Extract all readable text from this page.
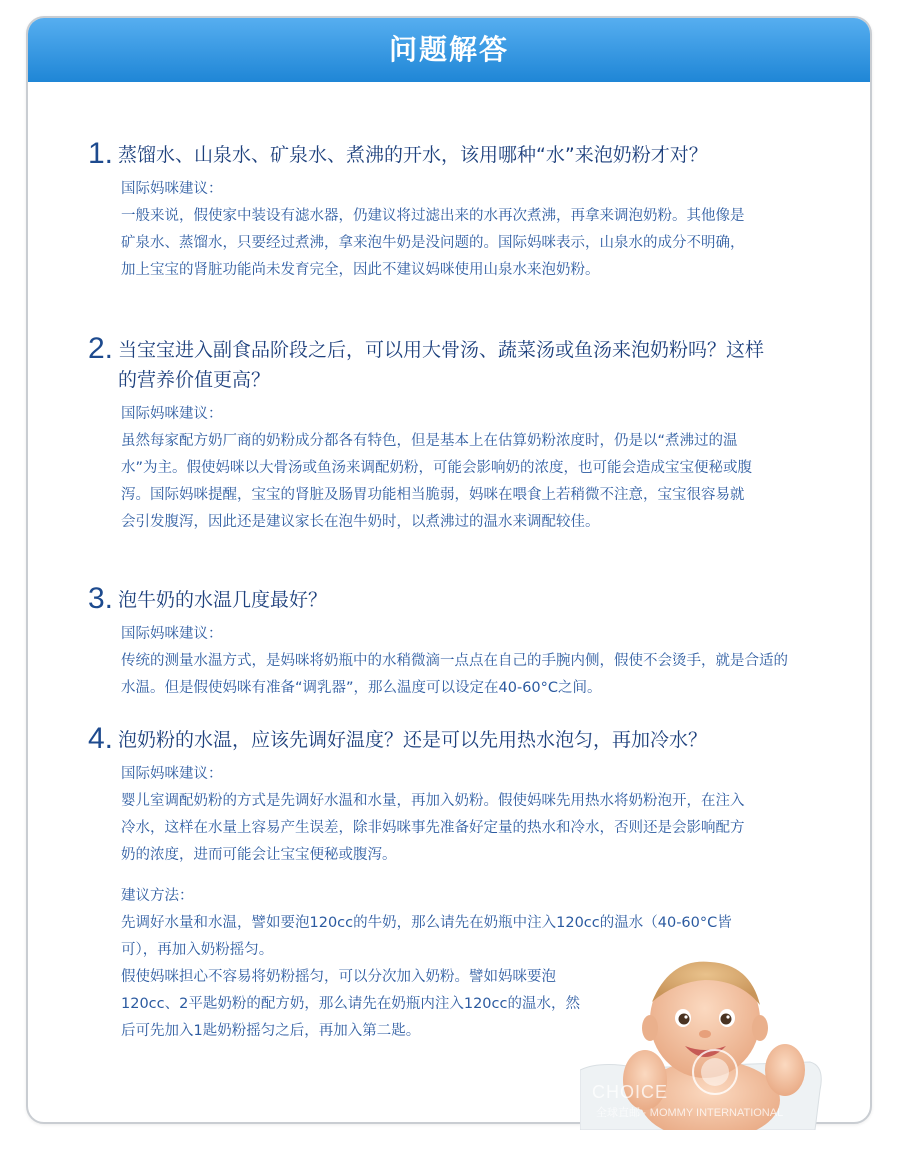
问题解答
1. 蒸馏水、山泉水、矿泉水、煮沸的开水，该用哪种“水”来泡奶粉才对？

国际妈咪建议：

一般来说，假使家中装设有滤水器，仍建议将过滤出来的水再次煮沸，再拿来调泡奶粉。其他像是矿泉水、蒸馏水，只要经过煮沸，拿来泡牛奶是没问题的。国际妈咪表示，山泉水的成分不明确，加上宝宝的肾脏功能尚未发育完全，因此不建议妈咪使用山泉水来泡奶粉。

2. 当宝宝进入副食品阶段之后，可以用大骨汤、蔬菜汤或鱼汤来泡奶粉吗？这样的营养价值更高？

国际妈咪建议：

虽然每家配方奶厂商的奶粉成分都各有特色，但是基本上在估算奶粉浓度时，仍是以“煮沸过的温水”为主。假使妈咪以大骨汤或鱼汤来调配奶粉，可能会影响奶的浓度，也可能会造成宝宝便秘或腹泻。国际妈咪提醒，宝宝的肾脏及肠胃功能相当脆弱，妈咪在喂食上若稍微不注意，宝宝很容易就会引发腹泻，因此还是建议家长在泡牛奶时，以煮沸过的温水来调配较佳。

3. 泡牛奶的水温几度最好？

国际妈咪建议：

传统的测量水温方式，是妈咪将奶瓶中的水稍微滴一点点在自己的手腕内侧，假使不会烫手，就是合适的水温。但是假使妈咪有准备“调乳器”，那么温度可以设定在40-60°C之间。

4. 泡奶粉的水温，应该先调好温度？还是可以先用热水泡匀，再加冷水？

国际妈咪建议：

婴儿室调配奶粉的方式是先调好水温和水量，再加入奶粉。假使妈咪先用热水将奶粉泡开，在注入冷水，这样在水量上容易产生误差，除非妈咪事先准备好定量的热水和冷水，否则还是会影响配方奶的浓度，进而可能会让宝宝便秘或腹泻。

建议方法：

先调好水量和水温，譬如要泡120cc的牛奶，那么请先在奶瓶中注入120cc的温水（40-60°C皆可），再加入奶粉摇匀。

假使妈咪担心不容易将奶粉摇匀，可以分次加入奶粉。譬如妈咪要泡120cc、2平匙奶粉的配方奶，那么请先在奶瓶内注入120cc的温水，然后可先加入1匙奶粉摇匀之后，再加入第二匙。

CHOICE
全球直邮 · MOMMY INTERNATIONAL
